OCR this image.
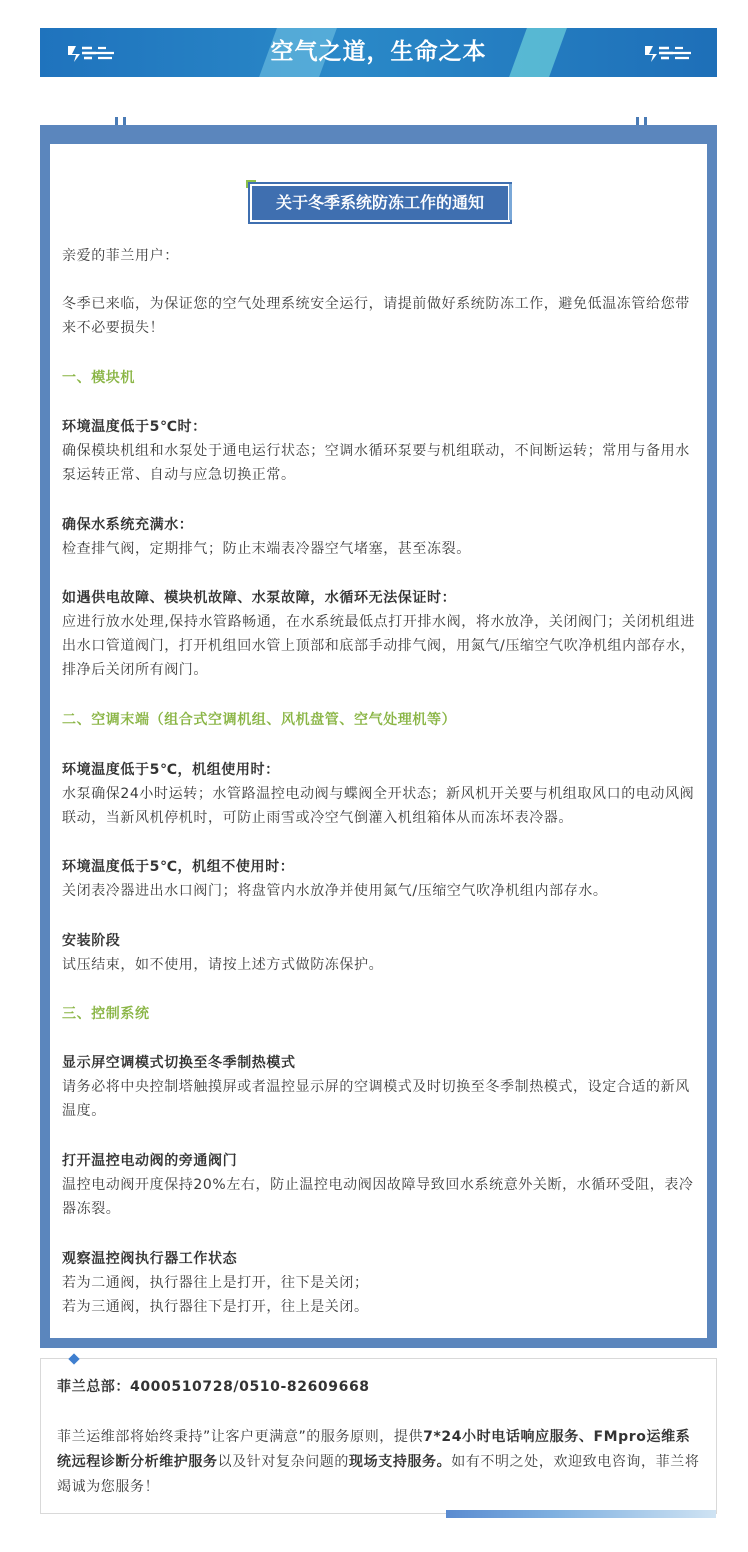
空气之道，生命之本
关于冬季系统防冻工作的通知
亲爱的菲兰用户：
冬季已来临，为保证您的空气处理系统安全运行，请提前做好系统防冻工作，避免低温冻管给您带来不必要损失！
一、模块机
环境温度低于5℃时：
确保模块机组和水泵处于通电运行状态；空调水循环泵要与机组联动，不间断运转；常用与备用水泵运转正常、自动与应急切换正常。
确保水系统充满水：
检查排气阀，定期排气；防止末端表冷器空气堵塞，甚至冻裂。
如遇供电故障、模块机故障、水泵故障，水循环无法保证时：
应进行放水处理,保持水管路畅通，在水系统最低点打开排水阀，将水放净，关闭阀门；关闭机组进出水口管道阀门，打开机组回水管上顶部和底部手动排气阀，用氮气/压缩空气吹净机组内部存水，排净后关闭所有阀门。
二、空调末端（组合式空调机组、风机盘管、空气处理机等）
环境温度低于5℃，机组使用时：
水泵确保24小时运转；水管路温控电动阀与蝶阀全开状态；新风机开关要与机组取风口的电动风阀联动，当新风机停机时，可防止雨雪或冷空气倒灌入机组箱体从而冻坏表冷器。
环境温度低于5℃，机组不使用时：
关闭表冷器进出水口阀门；将盘管内水放净并使用氮气/压缩空气吹净机组内部存水。
安装阶段
试压结束，如不使用，请按上述方式做防冻保护。
三、控制系统
显示屏空调模式切换至冬季制热模式
请务必将中央控制塔触摸屏或者温控显示屏的空调模式及时切换至冬季制热模式，设定合适的新风温度。
打开温控电动阀的旁通阀门
温控电动阀开度保持20%左右，防止温控电动阀因故障导致回水系统意外关断，水循环受阻，表冷器冻裂。
观察温控阀执行器工作状态
若为二通阀，执行器往上是打开，往下是关闭；
若为三通阀，执行器往下是打开，往上是关闭。
菲兰总部：4000510728/0510-82609668
菲兰运维部将始终秉持”让客户更满意”的服务原则，提供7*24小时电话响应服务、FMpro运维系统远程诊断分析维护服务以及针对复杂问题的现场支持服务。如有不明之处，欢迎致电咨询，菲兰将竭诚为您服务！
